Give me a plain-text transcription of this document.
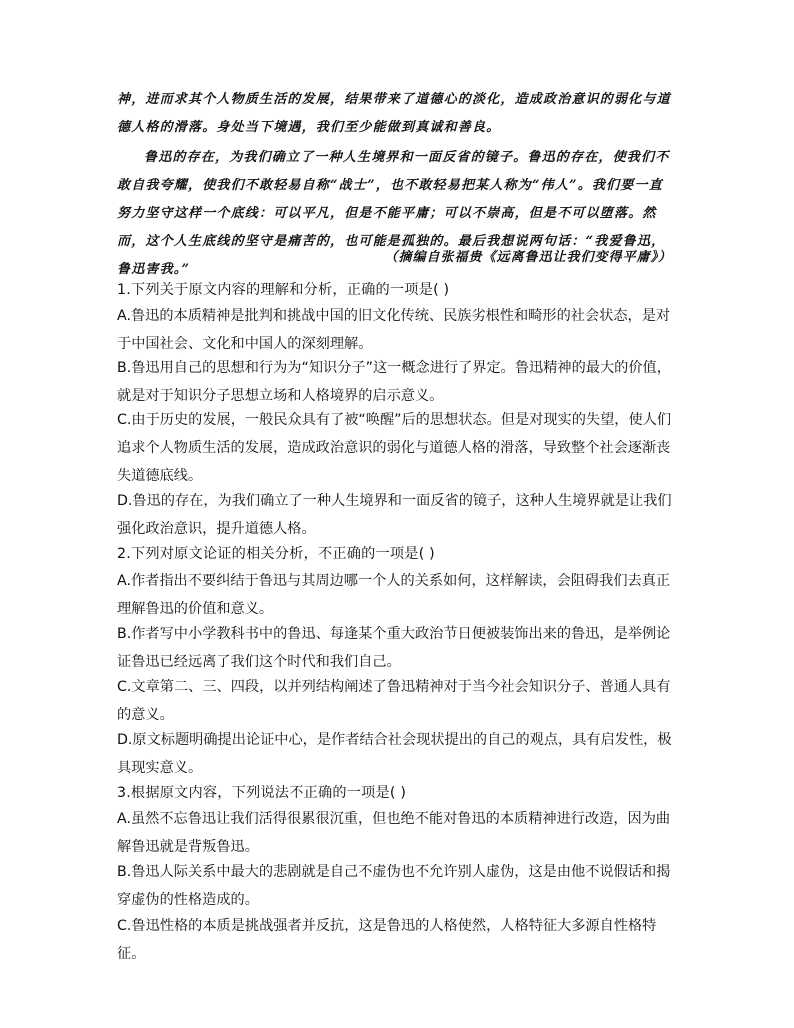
神，进而求其个人物质生活的发展，结果带来了道德心的淡化，造成政治意识的弱化与道德人格的滑落。身处当下境遇，我们至少能做到真诚和善良。
鲁迅的存在，为我们确立了一种人生境界和一面反省的镜子。鲁迅的存在，使我们不敢自我夸耀，使我们不敢轻易自称“战士”，也不敢轻易把某人称为“伟人”。我们要一直努力坚守这样一个底线：可以平凡，但是不能平庸；可以不崇高，但是不可以堕落。然而，这个人生底线的坚守是痛苦的，也可能是孤独的。最后我想说两句话：“我爱鲁迅，鲁迅害我。”
（摘编自张福贵《远离鲁迅让我们变得平庸》）
1.下列关于原文内容的理解和分析，正确的一项是( )
A.鲁迅的本质精神是批判和挑战中国的旧文化传统、民族劣根性和畸形的社会状态，是对于中国社会、文化和中国人的深刻理解。
B.鲁迅用自己的思想和行为为“知识分子”这一概念进行了界定。鲁迅精神的最大的价值，就是对于知识分子思想立场和人格境界的启示意义。
C.由于历史的发展，一般民众具有了被“唤醒”后的思想状态。但是对现实的失望，使人们追求个人物质生活的发展，造成政治意识的弱化与道德人格的滑落，导致整个社会逐渐丧失道德底线。
D.鲁迅的存在，为我们确立了一种人生境界和一面反省的镜子，这种人生境界就是让我们强化政治意识，提升道德人格。
2.下列对原文论证的相关分析，不正确的一项是( )
A.作者指出不要纠结于鲁迅与其周边哪一个人的关系如何，这样解读，会阻碍我们去真正理解鲁迅的价值和意义。
B.作者写中小学教科书中的鲁迅、每逢某个重大政治节日便被装饰出来的鲁迅，是举例论证鲁迅已经远离了我们这个时代和我们自己。
C.文章第二、三、四段，以并列结构阐述了鲁迅精神对于当今社会知识分子、普通人具有的意义。
D.原文标题明确提出论证中心，是作者结合社会现状提出的自己的观点，具有启发性，极具现实意义。
3.根据原文内容，下列说法不正确的一项是( )
A.虽然不忘鲁迅让我们活得很累很沉重，但也绝不能对鲁迅的本质精神进行改造，因为曲解鲁迅就是背叛鲁迅。
B.鲁迅人际关系中最大的悲剧就是自己不虚伪也不允许别人虚伪，这是由他不说假话和揭穿虚伪的性格造成的。
C.鲁迅性格的本质是挑战强者并反抗，这是鲁迅的人格使然，人格特征大多源自性格特征。
